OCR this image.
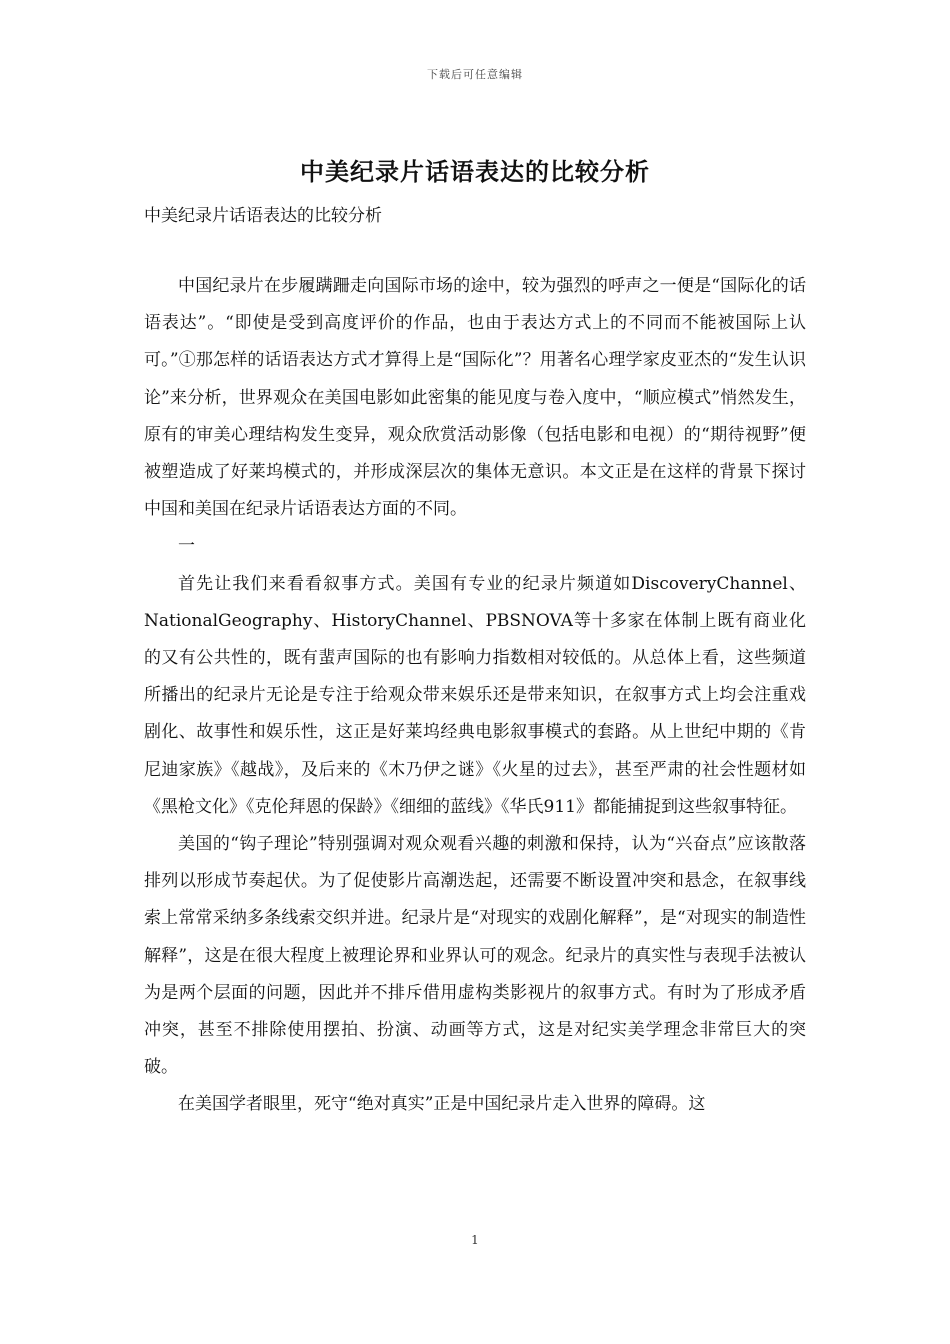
下载后可任意编辑
中美纪录片话语表达的比较分析
中美纪录片话语表达的比较分析

中国纪录片在步履蹒跚走向国际市场的途中，较为强烈的呼声之一便是“国际化的话语表达”。“即使是受到高度评价的作品，也由于表达方式上的不同而不能被国际上认可。”①那怎样的话语表达方式才算得上是“国际化”？用著名心理学家皮亚杰的“发生认识论”来分析，世界观众在美国电影如此密集的能见度与卷入度中，“顺应模式”悄然发生，原有的审美心理结构发生变异，观众欣赏活动影像（包括电影和电视）的“期待视野”便被塑造成了好莱坞模式的，并形成深层次的集体无意识。本文正是在这样的背景下探讨中国和美国在纪录片话语表达方面的不同。

一

首先让我们来看看叙事方式。美国有专业的纪录片频道如DiscoveryChannel、NationalGeography、HistoryChannel、PBSNOVA等十多家在体制上既有商业化的又有公共性的，既有蜚声国际的也有影响力指数相对较低的。从总体上看，这些频道所播出的纪录片无论是专注于给观众带来娱乐还是带来知识，在叙事方式上均会注重戏剧化、故事性和娱乐性，这正是好莱坞经典电影叙事模式的套路。从上世纪中期的《肯尼迪家族》《越战》，及后来的《木乃伊之谜》《火星的过去》，甚至严肃的社会性题材如《黑枪文化》《克伦拜恩的保龄》《细细的蓝线》《华氏911》都能捕捉到这些叙事特征。

美国的“钩子理论”特别强调对观众观看兴趣的刺激和保持，认为“兴奋点”应该散落排列以形成节奏起伏。为了促使影片高潮迭起，还需要不断设置冲突和悬念，在叙事线索上常常采纳多条线索交织并进。纪录片是“对现实的戏剧化解释”，是“对现实的制造性解释”，这是在很大程度上被理论界和业界认可的观念。纪录片的真实性与表现手法被认为是两个层面的问题，因此并不排斥借用虚构类影视片的叙事方式。有时为了形成矛盾冲突，甚至不排除使用摆拍、扮演、动画等方式，这是对纪实美学理念非常巨大的突破。

在美国学者眼里，死守“绝对真实”正是中国纪录片走入世界的障碍。这

1
